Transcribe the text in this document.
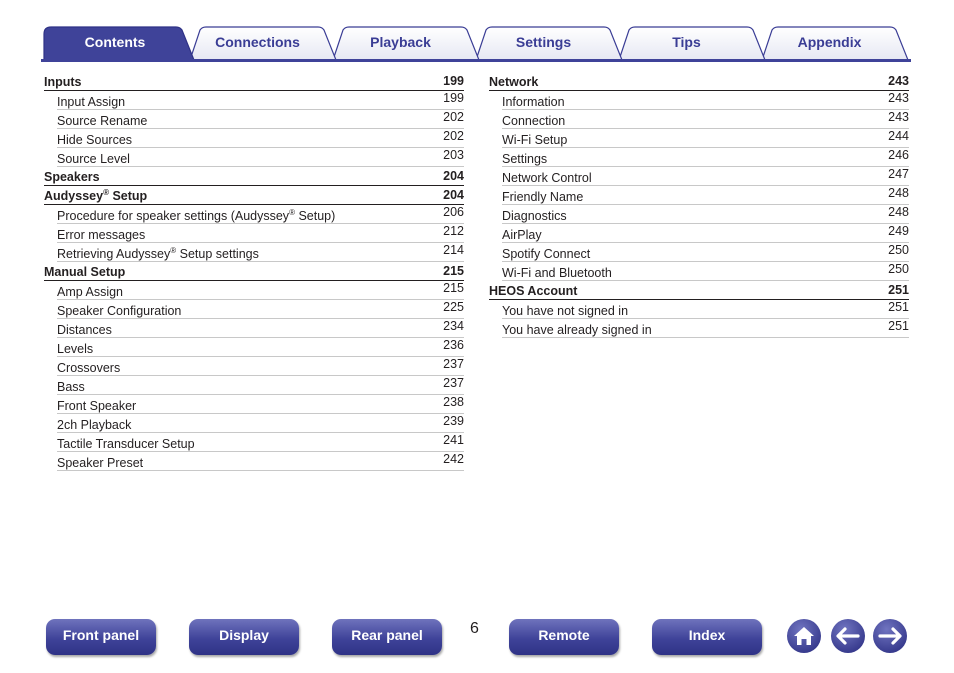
Contents	Connections	Playback	Settings	Tips	Appendix
Inputs	199
Input Assign	199
Source Rename	202
Hide Sources	202
Source Level	203
Speakers	204
Audyssey® Setup	204
Procedure for speaker settings (Audyssey® Setup)	206
Error messages	212
Retrieving Audyssey® Setup settings	214
Manual Setup	215
Amp Assign	215
Speaker Configuration	225
Distances	234
Levels	236
Crossovers	237
Bass	237
Front Speaker	238
2ch Playback	239
Tactile Transducer Setup	241
Speaker Preset	242
Network	243
Information	243
Connection	243
Wi-Fi Setup	244
Settings	246
Network Control	247
Friendly Name	248
Diagnostics	248
AirPlay	249
Spotify Connect	250
Wi-Fi and Bluetooth	250
HEOS Account	251
You have not signed in	251
You have already signed in	251
Front panel	Display	Rear panel	6	Remote	Index
